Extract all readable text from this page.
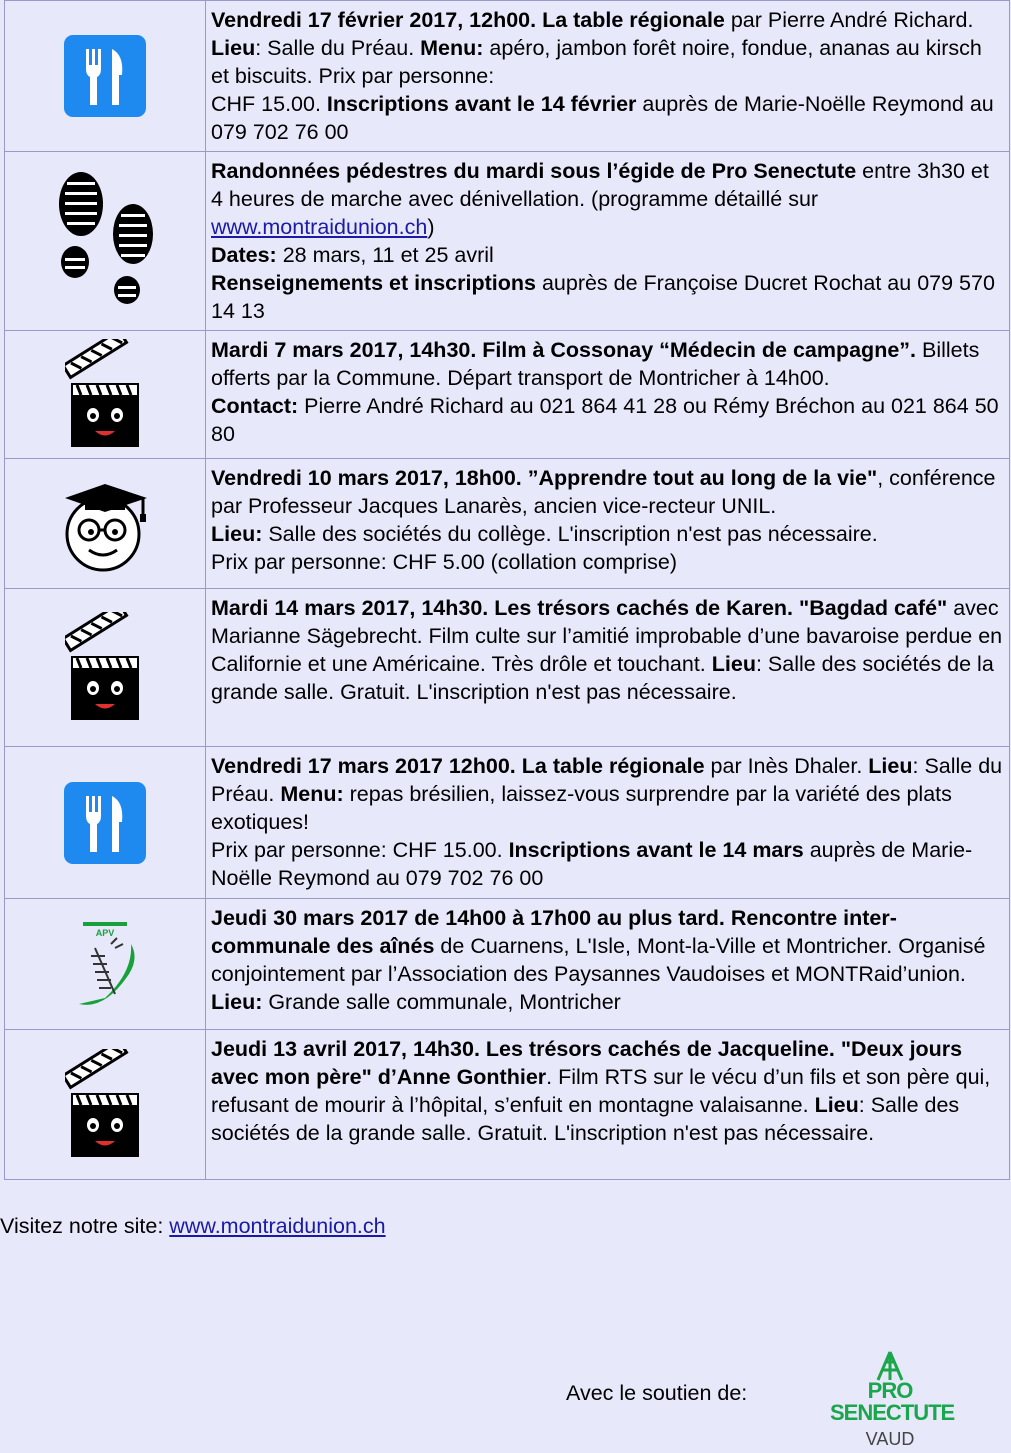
Vendredi 17 février 2017, 12h00. La table régionale par Pierre André Richard. Lieu: Salle du Préau. Menu: apéro, jambon forêt noire, fondue, ananas au kirsch et biscuits. Prix par personne:
CHF 15.00. Inscriptions avant le 14 février auprès de Marie-Noëlle Reymond au 079 702 76 00

Randonnées pédestres du mardi sous l’égide de Pro Senectute entre 3h30 et 4 heures de marche avec dénivellation. (programme détaillé sur www.montraidunion.ch)
Dates: 28 mars, 11 et 25 avril
Renseignements et inscriptions auprès de Françoise Ducret Rochat au 079 570 14 13

Mardi 7 mars 2017, 14h30. Film à Cossonay “Médecin de campagne”. Billets offerts par la Commune. Départ transport de Montricher à 14h00.
Contact: Pierre André Richard au 021 864 41 28 ou Rémy Bréchon au 021 864 50 80

Vendredi 10 mars 2017, 18h00. ”Apprendre tout au long de la vie", conférence par Professeur Jacques Lanarès, ancien vice-recteur UNIL.
Lieu: Salle des sociétés du collège. L'inscription n'est pas nécessaire.
Prix par personne: CHF 5.00 (collation comprise)

Mardi 14 mars 2017, 14h30. Les trésors cachés de Karen. "Bagdad café" avec Marianne Sägebrecht. Film culte sur l’amitié improbable d’une bavaroise perdue en Californie et une Américaine. Très drôle et touchant. Lieu: Salle des sociétés de la grande salle. Gratuit. L'inscription n'est pas nécessaire.

Vendredi 17 mars 2017 12h00. La table régionale par Inès Dhaler. Lieu: Salle du Préau. Menu: repas brésilien, laissez-vous surprendre par la variété des plats exotiques!
Prix par personne: CHF 15.00. Inscriptions avant le 14 mars auprès de Marie-Noëlle Reymond au 079 702 76 00

APV	Jeudi 30 mars 2017 de 14h00 à 17h00 au plus tard. Rencontre inter-communale des aînés de Cuarnens, L'Isle, Mont-la-Ville et Montricher. Organisé conjointement par l’Association des Paysannes Vaudoises et MONTRaid’union. Lieu: Grande salle communale, Montricher

Jeudi 13 avril 2017, 14h30. Les trésors cachés de Jacqueline. "Deux jours avec mon père" d’Anne Gonthier. Film RTS sur le vécu d’un fils et son père qui, refusant de mourir à l’hôpital, s’enfuit en montagne valaisanne. Lieu: Salle des sociétés de la grande salle. Gratuit. L'inscription n'est pas nécessaire.
Visitez notre site: www.montraidunion.ch
Avec le soutien de:	PRO
SENECTUTE
VAUD
